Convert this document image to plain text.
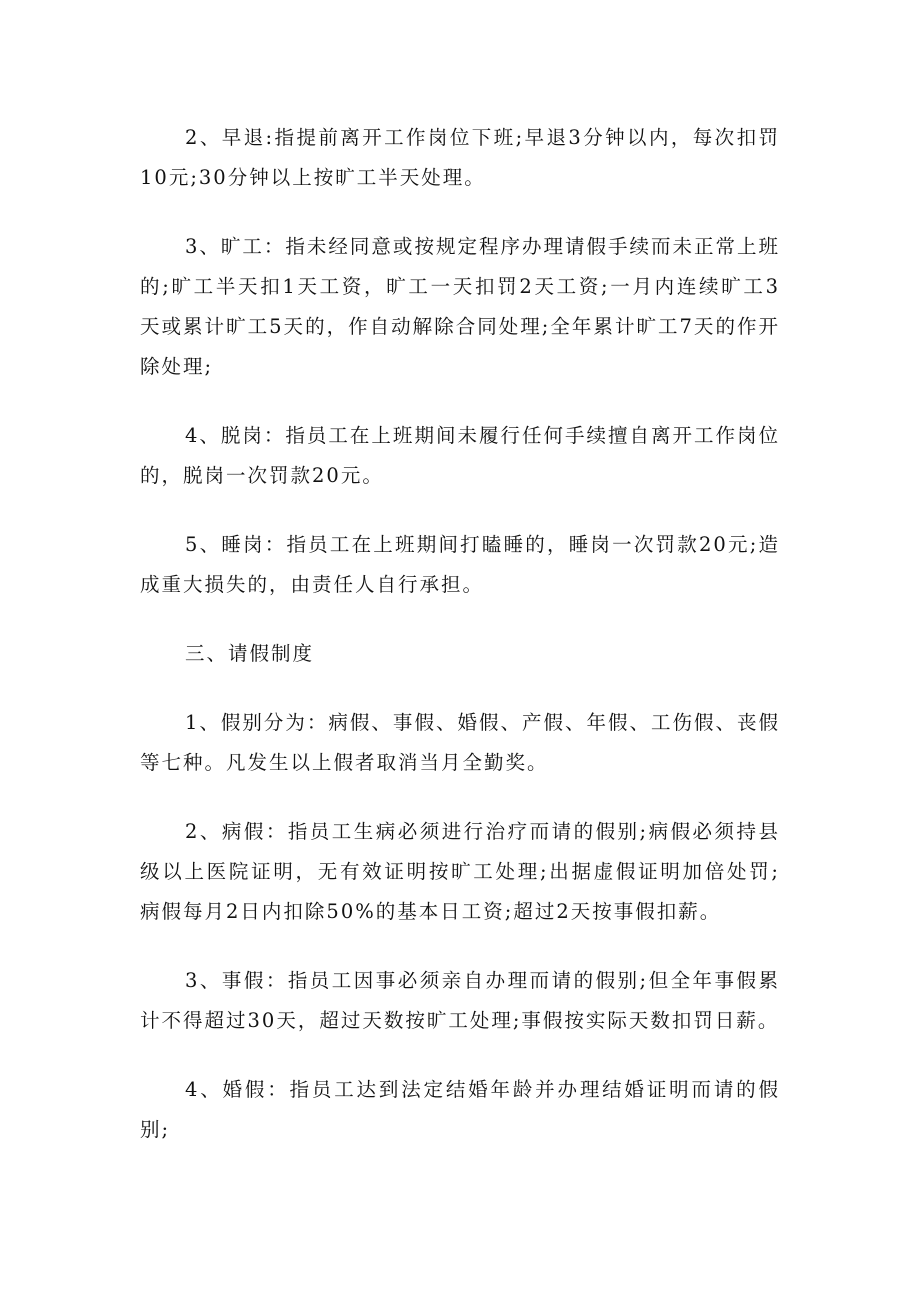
2、早退:指提前离开工作岗位下班;早退3分钟以内，每次扣罚10元;30分钟以上按旷工半天处理。

3、旷工：指未经同意或按规定程序办理请假手续而未正常上班的;旷工半天扣1天工资，旷工一天扣罚2天工资;一月内连续旷工3天或累计旷工5天的，作自动解除合同处理;全年累计旷工7天的作开除处理;

4、脱岗：指员工在上班期间未履行任何手续擅自离开工作岗位的，脱岗一次罚款20元。

5、睡岗：指员工在上班期间打瞌睡的，睡岗一次罚款20元;造成重大损失的，由责任人自行承担。

三、请假制度

1、假别分为：病假、事假、婚假、产假、年假、工伤假、丧假等七种。凡发生以上假者取消当月全勤奖。

2、病假：指员工生病必须进行治疗而请的假别;病假必须持县级以上医院证明，无有效证明按旷工处理;出据虚假证明加倍处罚;病假每月2日内扣除50%的基本日工资;超过2天按事假扣薪。

3、事假：指员工因事必须亲自办理而请的假别;但全年事假累计不得超过30天，超过天数按旷工处理;事假按实际天数扣罚日薪。

4、婚假：指员工达到法定结婚年龄并办理结婚证明而请的假别;
